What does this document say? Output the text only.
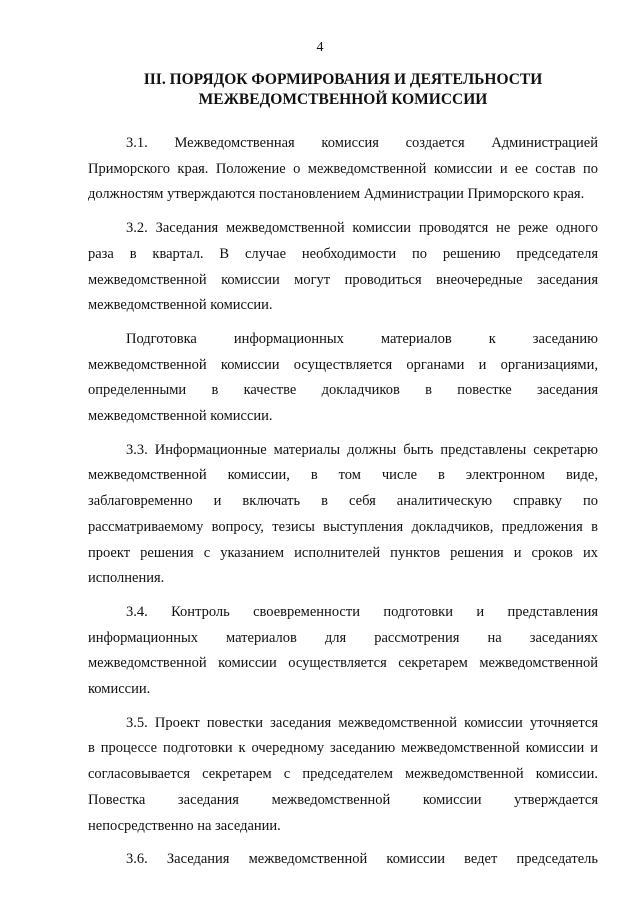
4
III. ПОРЯДОК ФОРМИРОВАНИЯ И ДЕЯТЕЛЬНОСТИ
МЕЖВЕДОМСТВЕННОЙ КОМИССИИ
3.1. Межведомственная комиссия создается Администрацией
Приморского края. Положение о межведомственной комиссии и ее состав по
должностям утверждаются постановлением Администрации Приморского края.
3.2. Заседания межведомственной комиссии проводятся не реже одного
раза в квартал. В случае необходимости по решению председателя
межведомственной комиссии могут проводиться внеочередные заседания
межведомственной комиссии.
Подготовка информационных материалов к заседанию
межведомственной комиссии осуществляется органами и организациями,
определенными в качестве докладчиков в повестке заседания
межведомственной комиссии.
3.3. Информационные материалы должны быть представлены секретарю
межведомственной комиссии, в том числе в электронном виде,
заблаговременно и включать в себя аналитическую справку по
рассматриваемому вопросу, тезисы выступления докладчиков, предложения в
проект решения с указанием исполнителей пунктов решения и сроков их
исполнения.
3.4. Контроль своевременности подготовки и представления
информационных материалов для рассмотрения на заседаниях
межведомственной комиссии осуществляется секретарем межведомственной
комиссии.
3.5. Проект повестки заседания межведомственной комиссии уточняется
в процессе подготовки к очередному заседанию межведомственной комиссии и
согласовывается секретарем с председателем межведомственной комиссии.
Повестка заседания межведомственной комиссии утверждается
непосредственно на заседании.
3.6. Заседания межведомственной комиссии ведет председатель
